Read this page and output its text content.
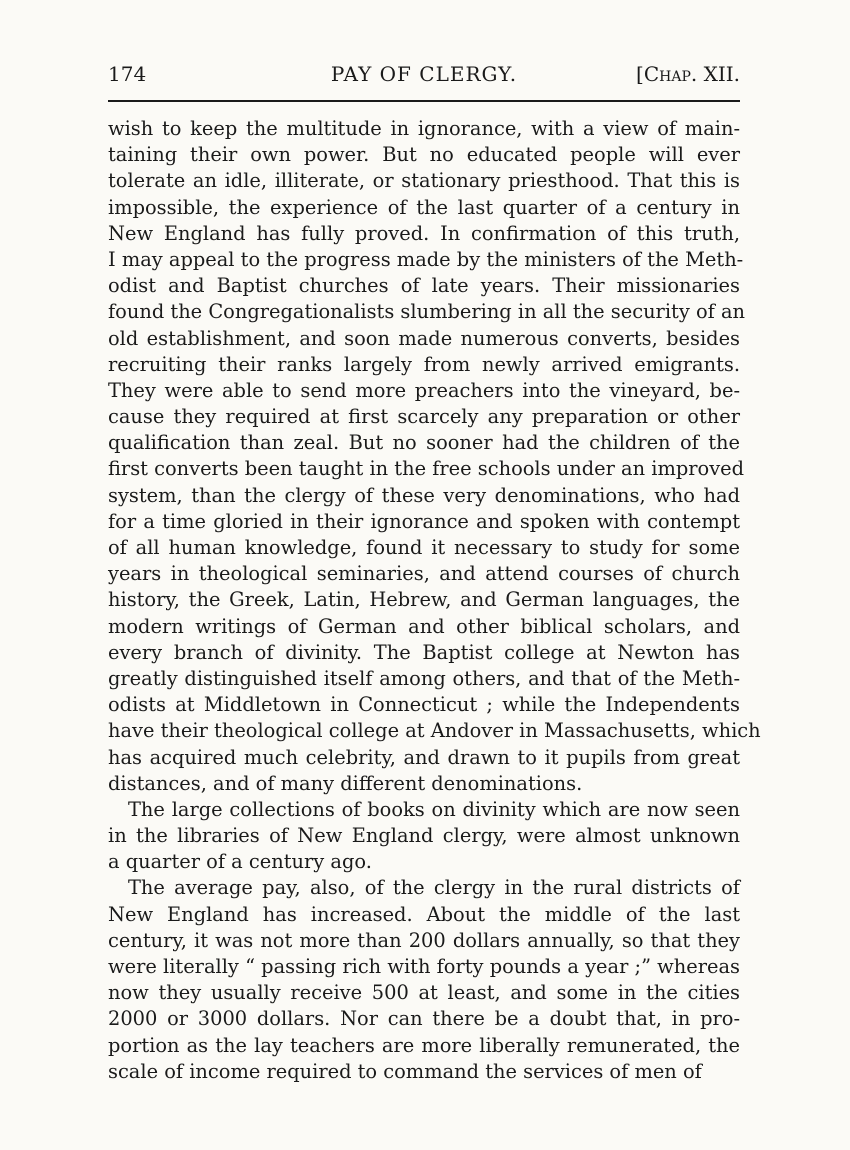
174	PAY OF CLERGY.	[Chap. XII.
wish to keep the multitude in ignorance, with a view of main-
taining their own power. But no educated people will ever
tolerate an idle, illiterate, or stationary priesthood. That this is
impossible, the experience of the last quarter of a century in
New England has fully proved. In confirmation of this truth,
I may appeal to the progress made by the ministers of the Meth-
odist and Baptist churches of late years. Their missionaries
found the Congregationalists slumbering in all the security of an
old establishment, and soon made numerous converts, besides
recruiting their ranks largely from newly arrived emigrants.
They were able to send more preachers into the vineyard, be-
cause they required at first scarcely any preparation or other
qualification than zeal. But no sooner had the children of the
first converts been taught in the free schools under an improved
system, than the clergy of these very denominations, who had
for a time gloried in their ignorance and spoken with contempt
of all human knowledge, found it necessary to study for some
years in theological seminaries, and attend courses of church
history, the Greek, Latin, Hebrew, and German languages, the
modern writings of German and other biblical scholars, and
every branch of divinity. The Baptist college at Newton has
greatly distinguished itself among others, and that of the Meth-
odists at Middletown in Connecticut ; while the Independents
have their theological college at Andover in Massachusetts, which
has acquired much celebrity, and drawn to it pupils from great
distances, and of many different denominations.
The large collections of books on divinity which are now seen
in the libraries of New England clergy, were almost unknown
a quarter of a century ago.
The average pay, also, of the clergy in the rural districts of
New England has increased. About the middle of the last
century, it was not more than 200 dollars annually, so that they
were literally “ passing rich with forty pounds a year ;” whereas
now they usually receive 500 at least, and some in the cities
2000 or 3000 dollars. Nor can there be a doubt that, in pro-
portion as the lay teachers are more liberally remunerated, the
scale of income required to command the services of men of
